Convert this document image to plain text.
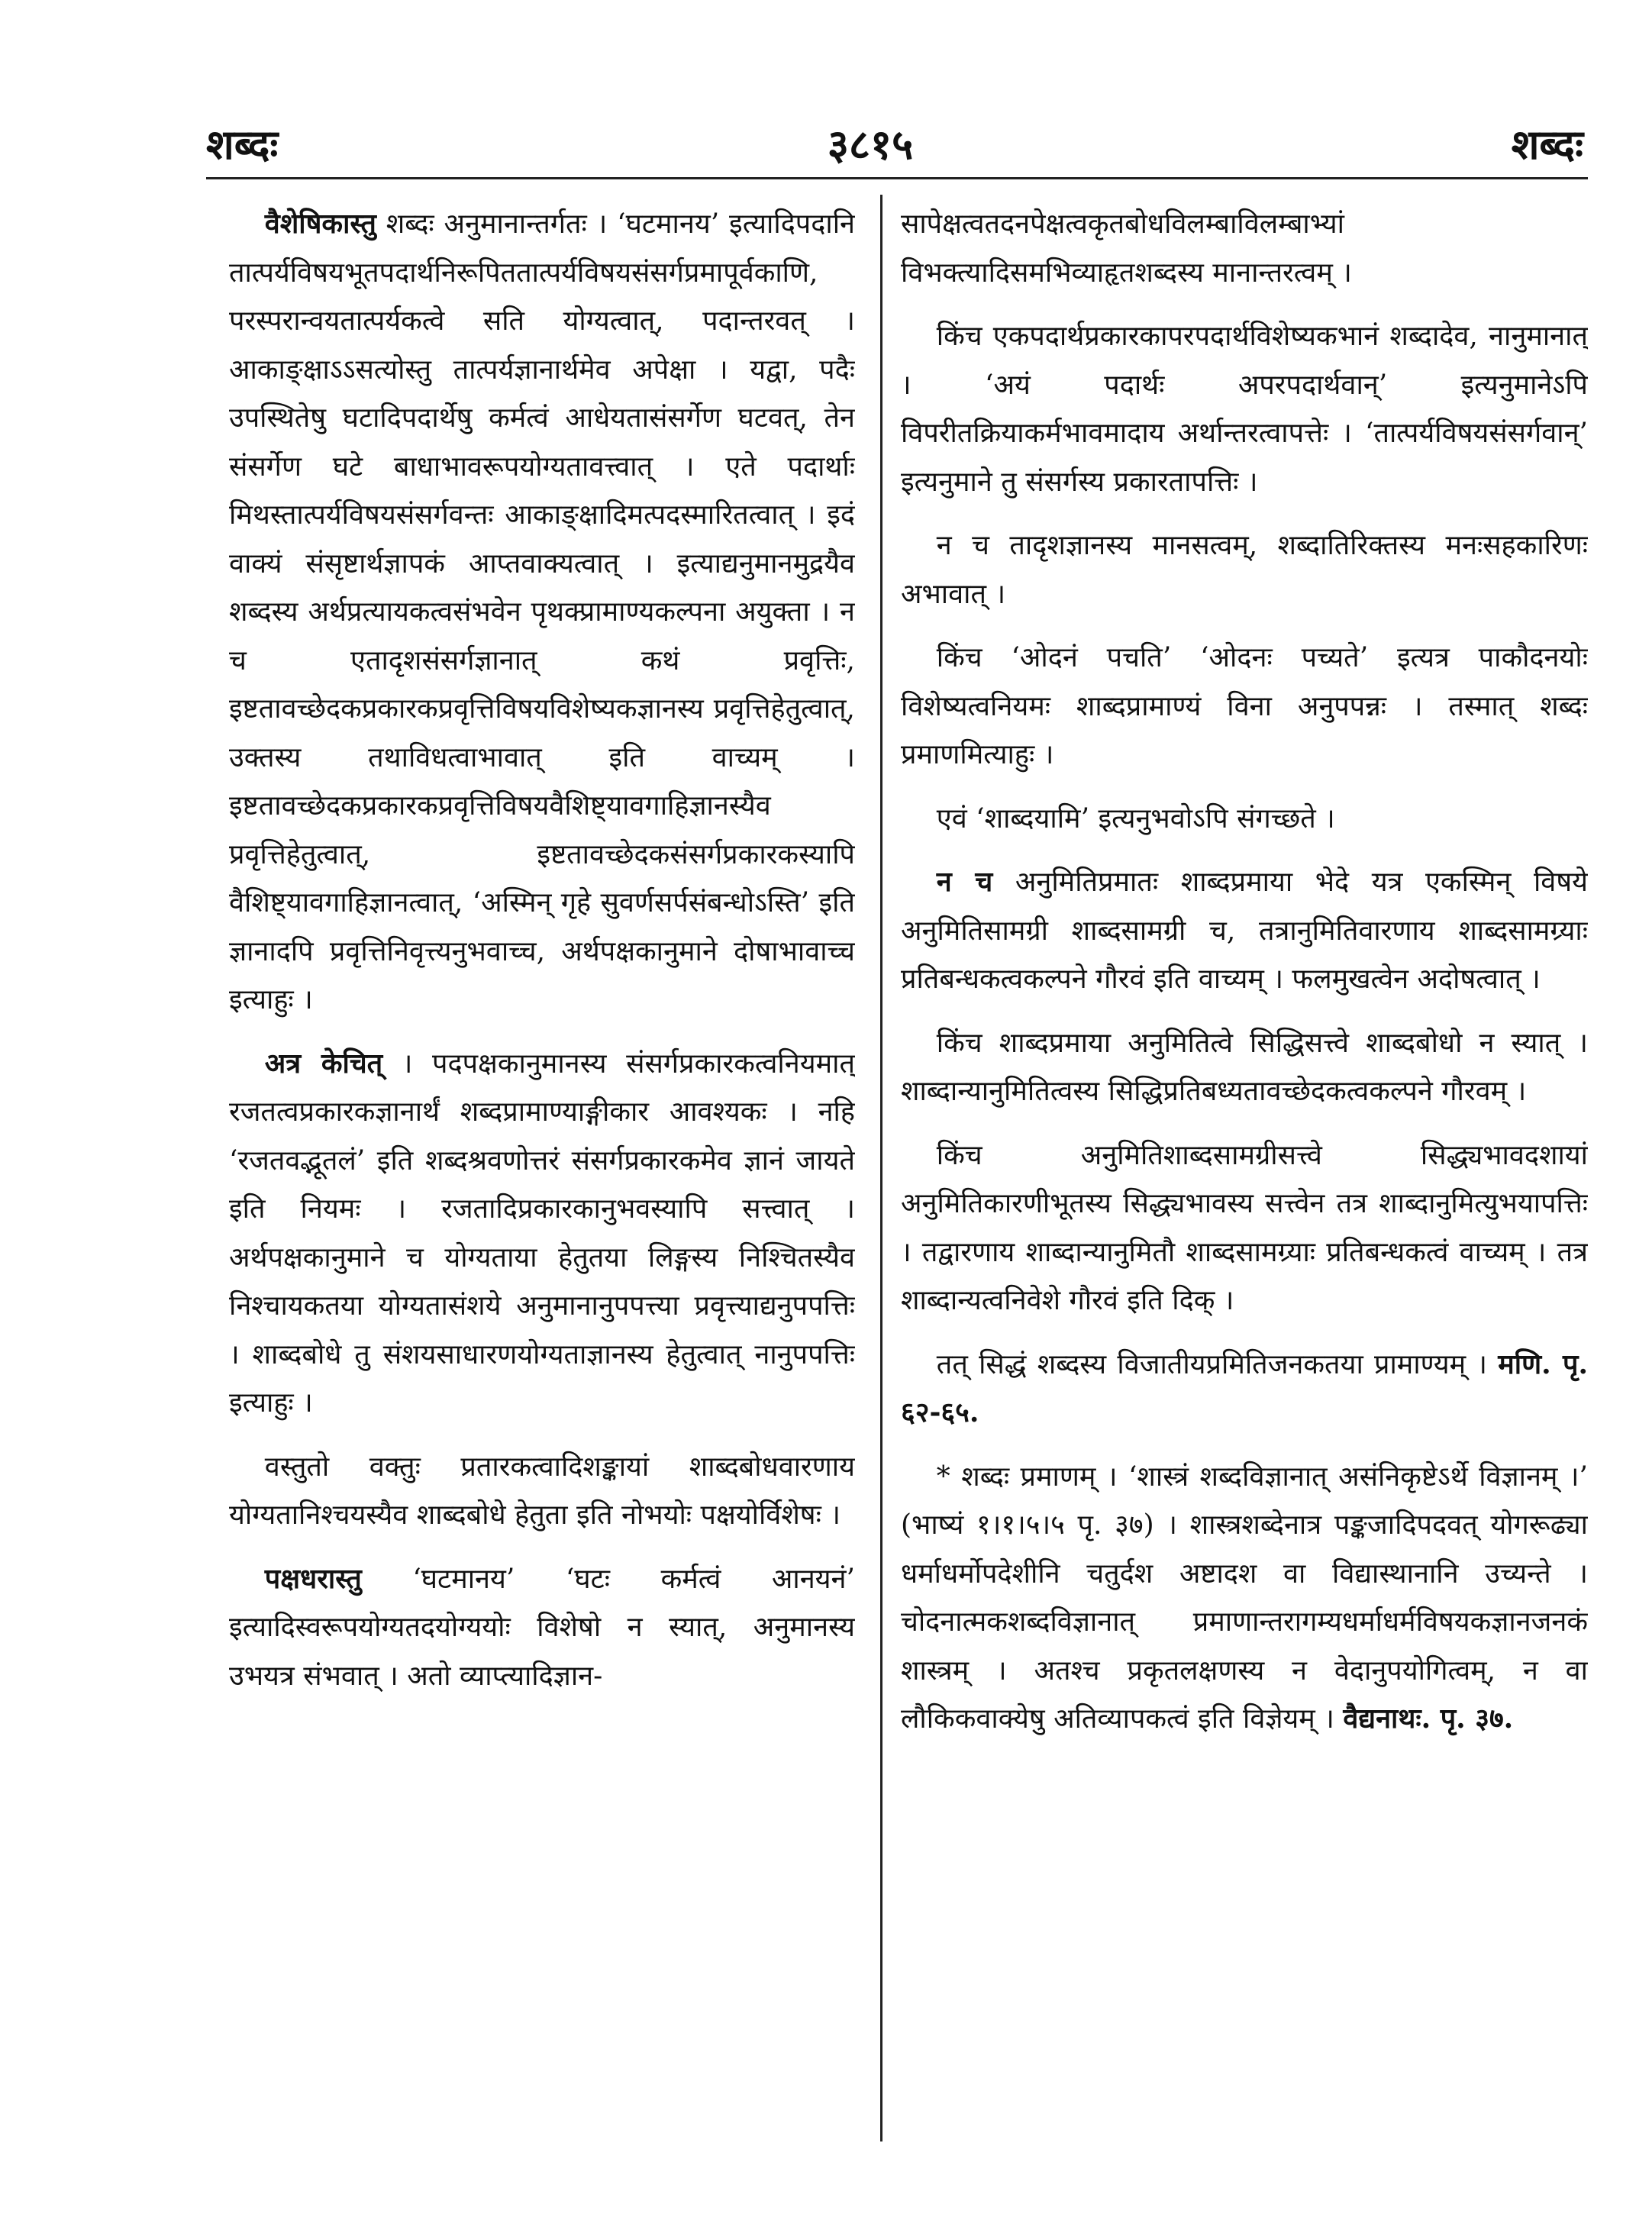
शब्दः	३८१५	शब्दः

वैशेषिकास्तु शब्दः अनुमानान्तर्गतः । ‘घटमानय’ इत्यादिपदानि तात्पर्यविषयभूतपदार्थनिरूपिततात्पर्यविषयसंसर्गप्रमापूर्वकाणि, परस्परान्वयतात्पर्यकत्वे सति योग्यत्वात्, पदान्तरवत् । आकाङ्क्षाऽऽसत्योस्तु तात्पर्यज्ञानार्थमेव अपेक्षा । यद्वा, पदैः उपस्थितेषु घटादिपदार्थेषु कर्मत्वं आधेयतासंसर्गेण घटवत्, तेन संसर्गेण घटे बाधाभावरूपयोग्यतावत्त्वात् । एते पदार्थाः मिथस्तात्पर्यविषयसंसर्गवन्तः आकाङ्क्षादिमत्पदस्मारितत्वात् । इदं वाक्यं संसृष्टार्थज्ञापकं आप्तवाक्यत्वात् । इत्याद्यनुमानमुद्रयैव शब्दस्य अर्थप्रत्यायकत्वसंभवेन पृथक्प्रामाण्यकल्पना अयुक्ता । न च एतादृशसंसर्गज्ञानात् कथं प्रवृत्तिः, इष्टतावच्छेदकप्रकारकप्रवृत्तिविषयविशेष्यकज्ञानस्य प्रवृत्तिहेतुत्वात्, उक्तस्य तथाविधत्वाभावात् इति वाच्यम् । इष्टतावच्छेदकप्रकारकप्रवृत्तिविषयवैशिष्ट्यावगाहिज्ञानस्यैव प्रवृत्तिहेतुत्वात्, इष्टतावच्छेदकसंसर्गप्रकारकस्यापि वैशिष्ट्यावगाहिज्ञानत्वात्, ‘अस्मिन् गृहे सुवर्णसर्पसंबन्धोऽस्ति’ इति ज्ञानादपि प्रवृत्तिनिवृत्त्यनुभवाच्च, अर्थपक्षकानुमाने दोषाभावाच्च इत्याहुः ।

अत्र केचित् । पदपक्षकानुमानस्य संसर्गप्रकारकत्वनियमात् रजतत्वप्रकारकज्ञानार्थं शब्दप्रामाण्याङ्गीकार आवश्यकः । नहि ‘रजतवद्भूतलं’ इति शब्दश्रवणोत्तरं संसर्गप्रकारकमेव ज्ञानं जायते इति नियमः । रजतादिप्रकारकानुभवस्यापि सत्त्वात् । अर्थपक्षकानुमाने च योग्यताया हेतुतया लिङ्गस्य निश्चितस्यैव निश्चायकतया योग्यतासंशये अनुमानानुपपत्त्या प्रवृत्त्याद्यनुपपत्तिः । शाब्दबोधे तु संशयसाधारणयोग्यताज्ञानस्य हेतुत्वात् नानुपपत्तिः इत्याहुः ।

वस्तुतो वक्तुः प्रतारकत्वादिशङ्कायां शाब्दबोधवारणाय योग्यतानिश्चयस्यैव शाब्दबोधे हेतुता इति नोभयोः पक्षयोर्विशेषः ।

पक्षधरास्तु ‘घटमानय’ ‘घटः कर्मत्वं आनयनं’ इत्यादिस्वरूपयोग्यतदयोग्ययोः विशेषो न स्यात्, अनुमानस्य उभयत्र संभवात् । अतो व्याप्त्यादिज्ञान-

सापेक्षत्वतदनपेक्षत्वकृतबोधविलम्बाविलम्बाभ्यां विभक्त्यादिसमभिव्याहृतशब्दस्य मानान्तरत्वम् ।

किंच एकपदार्थप्रकारकापरपदार्थविशेष्यकभानं शब्दादेव, नानुमानात् । ‘अयं पदार्थः अपरपदार्थवान्’ इत्यनुमानेऽपि विपरीतक्रियाकर्मभावमादाय अर्थान्तरत्वापत्तेः । ‘तात्पर्यविषयसंसर्गवान्’ इत्यनुमाने तु संसर्गस्य प्रकारतापत्तिः ।

न च तादृशज्ञानस्य मानसत्वम्, शब्दातिरिक्तस्य मनःसहकारिणः अभावात् ।

किंच ‘ओदनं पचति’ ‘ओदनः पच्यते’ इत्यत्र पाकौदनयोः विशेष्यत्वनियमः शाब्दप्रामाण्यं विना अनुपपन्नः । तस्मात् शब्दः प्रमाणमित्याहुः ।

एवं ‘शाब्दयामि’ इत्यनुभवोऽपि संगच्छते ।

न च अनुमितिप्रमातः शाब्दप्रमाया भेदे यत्र एकस्मिन् विषये अनुमितिसामग्री शाब्दसामग्री च, तत्रानुमितिवारणाय शाब्दसामग्र्याः प्रतिबन्धकत्वकल्पने गौरवं इति वाच्यम् । फलमुखत्वेन अदोषत्वात् ।

किंच शाब्दप्रमाया अनुमितित्वे सिद्धिसत्त्वे शाब्दबोधो न स्यात् । शाब्दान्यानुमितित्वस्य सिद्धिप्रतिबध्यतावच्छेदकत्वकल्पने गौरवम् ।

किंच अनुमितिशाब्दसामग्रीसत्त्वे सिद्ध्यभावदशायां अनुमितिकारणीभूतस्य सिद्ध्यभावस्य सत्त्वेन तत्र शाब्दानुमित्युभयापत्तिः । तद्वारणाय शाब्दान्यानुमितौ शाब्दसामग्र्याः प्रतिबन्धकत्वं वाच्यम् । तत्र शाब्दान्यत्वनिवेशे गौरवं इति दिक् ।

तत् सिद्धं शब्दस्य विजातीयप्रमितिजनकतया प्रामाण्यम् । मणि. पृ. ६२-६५.

* शब्दः प्रमाणम् । ‘शास्त्रं शब्दविज्ञानात् असंनिकृष्टेऽर्थे विज्ञानम् ।’ (भाष्यं १।१।५।५ पृ. ३७) । शास्त्रशब्देनात्र पङ्कजादिपदवत् योगरूढ्या धर्माधर्मोपदेशीनि चतुर्दश अष्टादश वा विद्यास्थानानि उच्यन्ते । चोदनात्मकशब्दविज्ञानात् प्रमाणान्तरागम्यधर्माधर्मविषयकज्ञानजनकं शास्त्रम् । अतश्च प्रकृतलक्षणस्य न वेदानुपयोगित्वम्, न वा लौकिकवाक्येषु अतिव्यापकत्वं इति विज्ञेयम् । वैद्यनाथः. पृ. ३७.
